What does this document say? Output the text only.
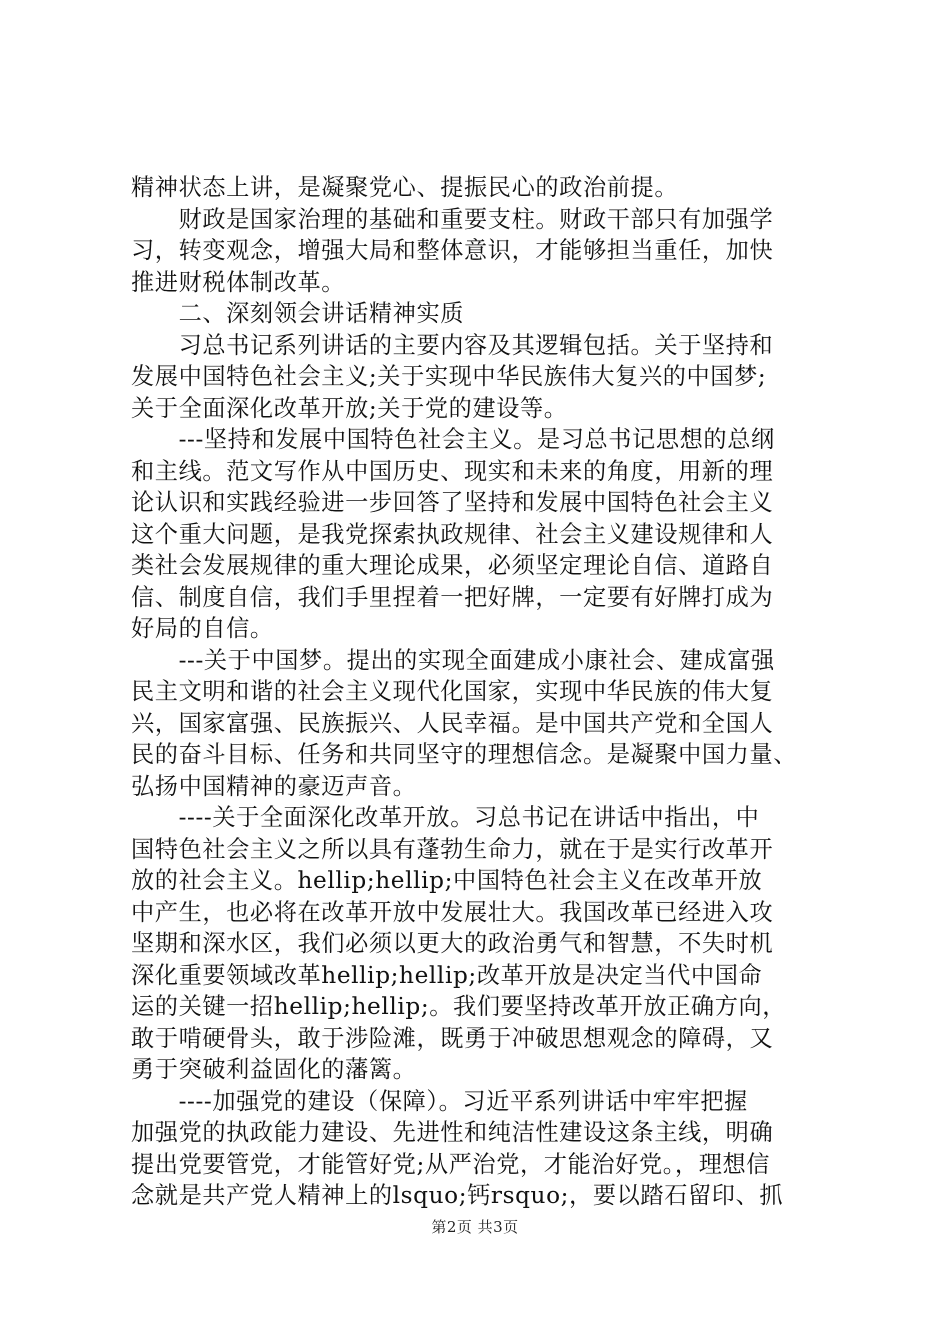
精神状态上讲，是凝聚党心、提振民心的政治前提。
　　财政是国家治理的基础和重要支柱。财政干部只有加强学
习，转变观念，增强大局和整体意识，才能够担当重任，加快
推进财税体制改革。
　　二、深刻领会讲话精神实质
　　习总书记系列讲话的主要内容及其逻辑包括。关于坚持和
发展中国特色社会主义;关于实现中华民族伟大复兴的中国梦;
关于全面深化改革开放;关于党的建设等。
　　---坚持和发展中国特色社会主义。是习总书记思想的总纲
和主线。范文写作从中国历史、现实和未来的角度，用新的理
论认识和实践经验进一步回答了坚持和发展中国特色社会主义
这个重大问题，是我党探索执政规律、社会主义建设规律和人
类社会发展规律的重大理论成果，必须坚定理论自信、道路自
信、制度自信，我们手里捏着一把好牌，一定要有好牌打成为
好局的自信。
　　---关于中国梦。提出的实现全面建成小康社会、建成富强
民主文明和谐的社会主义现代化国家，实现中华民族的伟大复
兴，国家富强、民族振兴、人民幸福。是中国共产党和全国人
民的奋斗目标、任务和共同坚守的理想信念。是凝聚中国力量、
弘扬中国精神的豪迈声音。
　　----关于全面深化改革开放。习总书记在讲话中指出，中
国特色社会主义之所以具有蓬勃生命力，就在于是实行改革开
放的社会主义。hellip;hellip;中国特色社会主义在改革开放
中产生，也必将在改革开放中发展壮大。我国改革已经进入攻
坚期和深水区，我们必须以更大的政治勇气和智慧，不失时机
深化重要领域改革hellip;hellip;改革开放是决定当代中国命
运的关键一招hellip;hellip;。我们要坚持改革开放正确方向，
敢于啃硬骨头，敢于涉险滩，既勇于冲破思想观念的障碍，又
勇于突破利益固化的藩篱。
　　----加强党的建设（保障）。习近平系列讲话中牢牢把握
加强党的执政能力建设、先进性和纯洁性建设这条主线，明确
提出党要管党，才能管好党;从严治党，才能治好党。，理想信
念就是共产党人精神上的lsquo;钙rsquo;，要以踏石留印、抓
第2页 共3页
